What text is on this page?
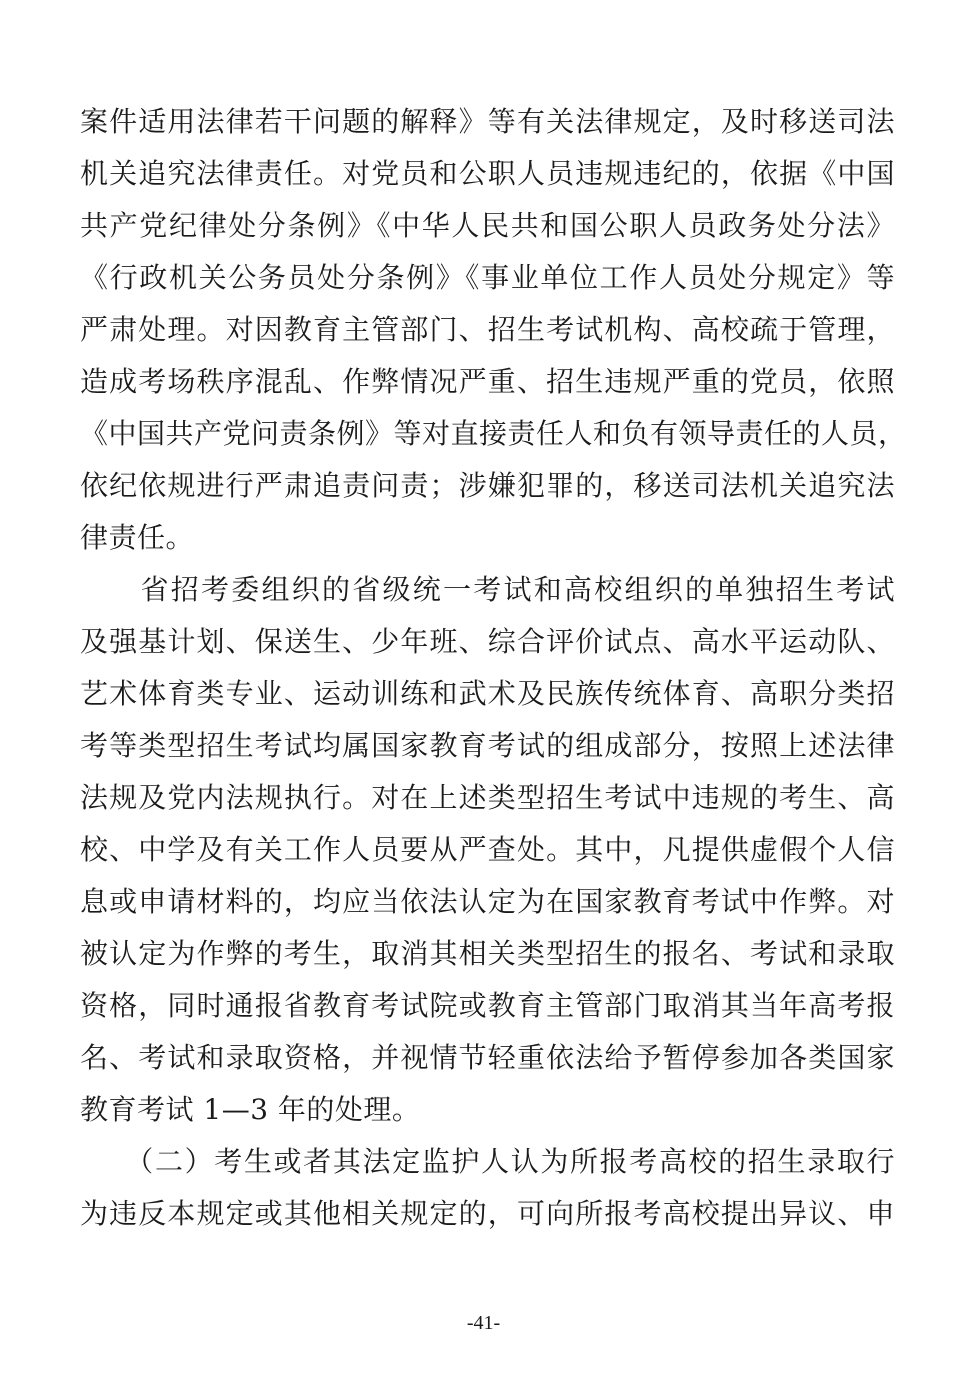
案件适用法律若干问题的解释》等有关法律规定，及时移送司法
机关追究法律责任。对党员和公职人员违规违纪的，依据《中国
共产党纪律处分条例》《中华人民共和国公职人员政务处分法》
《行政机关公务员处分条例》《事业单位工作人员处分规定》等
严肃处理。对因教育主管部门、招生考试机构、高校疏于管理，
造成考场秩序混乱、作弊情况严重、招生违规严重的党员，依照
《中国共产党问责条例》等对直接责任人和负有领导责任的人员，
依纪依规进行严肃追责问责；涉嫌犯罪的，移送司法机关追究法
律责任。
　　省招考委组织的省级统一考试和高校组织的单独招生考试
及强基计划、保送生、少年班、综合评价试点、高水平运动队、
艺术体育类专业、运动训练和武术及民族传统体育、高职分类招
考等类型招生考试均属国家教育考试的组成部分，按照上述法律
法规及党内法规执行。对在上述类型招生考试中违规的考生、高
校、中学及有关工作人员要从严查处。其中，凡提供虚假个人信
息或申请材料的，均应当依法认定为在国家教育考试中作弊。对
被认定为作弊的考生，取消其相关类型招生的报名、考试和录取
资格，同时通报省教育考试院或教育主管部门取消其当年高考报
名、考试和录取资格，并视情节轻重依法给予暂停参加各类国家
教育考试 1—3 年的处理。
　　（二）考生或者其法定监护人认为所报考高校的招生录取行
为违反本规定或其他相关规定的，可向所报考高校提出异议、申
-41-
